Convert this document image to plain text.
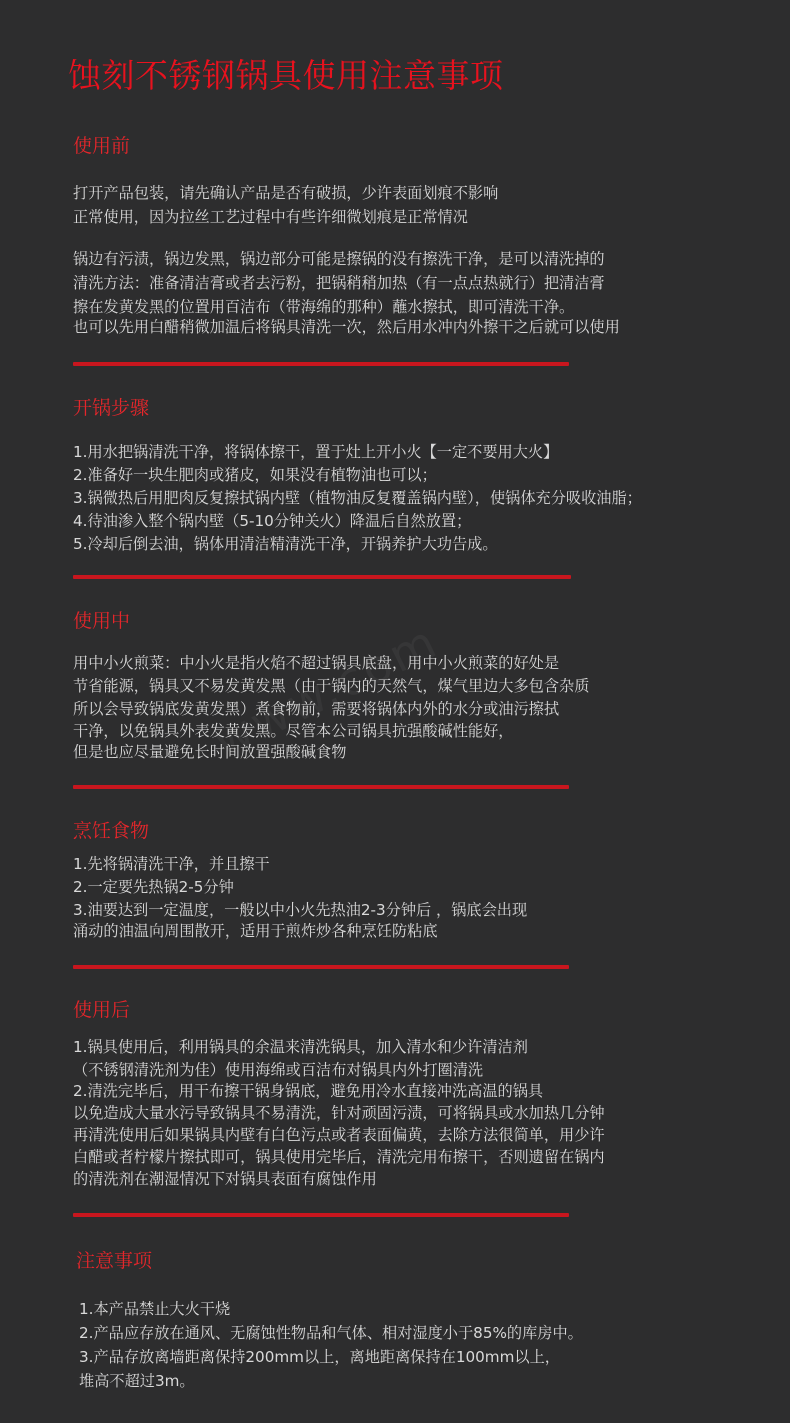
蚀刻不锈钢锅具使用注意事项
使用前

打开产品包装，请先确认产品是否有破损，少许表面划痕不影响

正常使用，因为拉丝工艺过程中有些许细微划痕是正常情况

锅边有污渍，锅边发黑，锅边部分可能是擦锅的没有擦洗干净，是可以清洗掉的

清洗方法：准备清洁膏或者去污粉，把锅稍稍加热（有一点点热就行）把清洁膏

擦在发黄发黑的位置用百洁布（带海绵的那种）蘸水擦拭，即可清洗干净。

也可以先用白醋稍微加温后将锅具清洗一次，然后用水冲内外擦干之后就可以使用

开锅步骤

1.用水把锅清洗干净，将锅体擦干，置于灶上开小火【一定不要用大火】

2.准备好一块生肥肉或猪皮，如果没有植物油也可以；

3.锅微热后用肥肉反复擦拭锅内壁（植物油反复覆盖锅内壁），使锅体充分吸收油脂；

4.待油渗入整个锅内壁（5-10分钟关火）降温后自然放置；

5.冷却后倒去油，锅体用清洁精清洗干净，开锅养护大功告成。

使用中

用中小火煎菜：中小火是指火焰不超过锅具底盘，用中小火煎菜的好处是

节省能源，锅具又不易发黄发黑（由于锅内的天然气，煤气里边大多包含杂质

所以会导致锅底发黄发黑）煮食物前，需要将锅体内外的水分或油污擦拭

干净，以免锅具外表发黄发黑。尽管本公司锅具抗强酸碱性能好，

但是也应尽量避免长时间放置强酸碱食物

烹饪食物

1.先将锅清洗干净，并且擦干

2.一定要先热锅2-5分钟

3.油要达到一定温度，一般以中小火先热油2-3分钟后 ，锅底会出现

涌动的油温向周围散开，适用于煎炸炒各种烹饪防粘底

使用后

1.锅具使用后，利用锅具的余温来清洗锅具，加入清水和少许清洁剂

（不锈钢清洗剂为佳）使用海绵或百洁布对锅具内外打圈清洗

2.清洗完毕后，用干布擦干锅身锅底，避免用冷水直接冲洗高温的锅具

以免造成大量水污导致锅具不易清洗，针对顽固污渍，可将锅具或水加热几分钟

再清洗使用后如果锅具内壁有白色污点或者表面偏黄，去除方法很简单，用少许

白醋或者柠檬片擦拭即可，锅具使用完毕后，清洗完用布擦干，否则遗留在锅内

的清洗剂在潮湿情况下对锅具表面有腐蚀作用

注意事项

1.本产品禁止大火干烧

2.产品应存放在通风、无腐蚀性物品和气体、相对湿度小于85%的库房中。

3.产品存放离墙距离保持200mm以上，离地距离保持在100mm以上，

堆高不超过3m。
